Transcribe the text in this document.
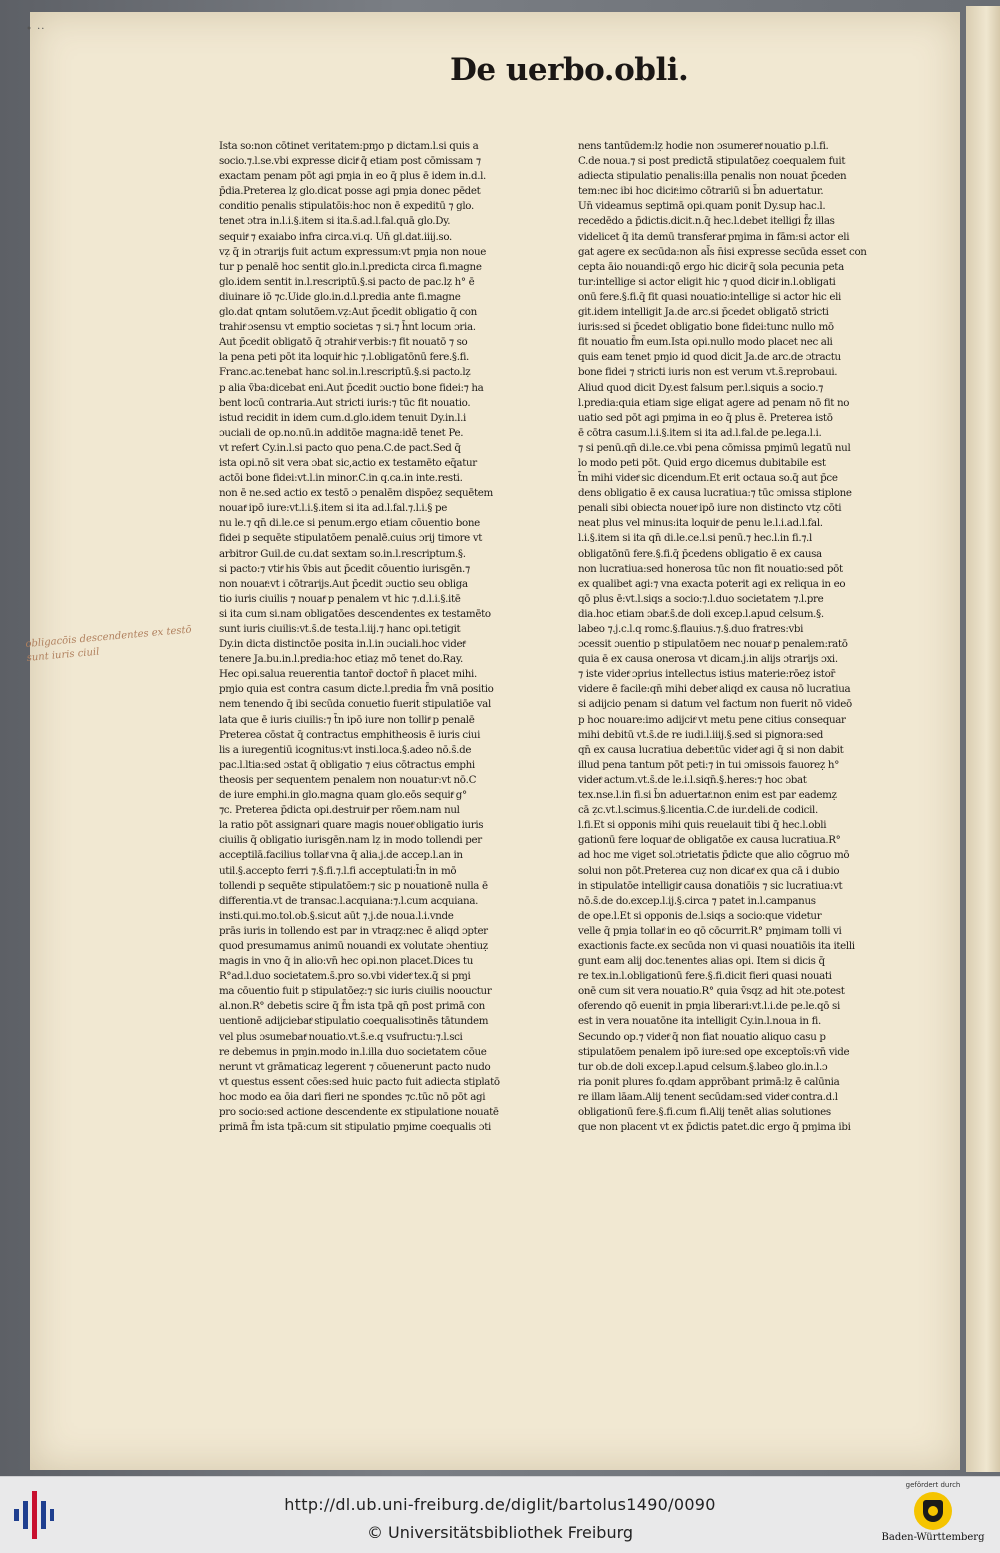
• ··
De uerbo.obli.
Ista so:non cōtinet veritatem:pɱo p dictam.l.si quis a
socio.⁊.l.se.vbi expresse dicitͤ q̄ etiam post cōmissam ⁊
exactam penam pōt agi pɱia in eo q̄ plus ē idem in.d.l.
p̄dia.Preterea lẓ glo.dicat posse agi pɱia donec pēdet
conditio penalis stipulatōis:hoc non ē expeditū ⁊ glo.
tenet ɔtra in.l.i.§.item si ita.s̄.ad.l.fal.quā glo.Dy.
sequitͤ ⁊ exaiabo infra circa.vi.q. Un̄ gl.dat.iiij.so.
vẓ q̄ in ɔtrarijs fuit actum expressum:vt pɱia non noue
tur p penalē hoc sentit glo.in.l.predicta circa fi.magne
glo.idem sentit in.l.rescriptū.§.si pacto de pac.lẓ h° ē
diuinare iō ⁊c.Uide glo.in.d.l.predia ante fi.magne
glo.dat qntam solutōem.vẓ:Aut p̄cedit obligatio q̄ con
trahitͤ ɔsensu vt emptio societas ⁊ si.⁊ h̄nt locum ɔria.
Aut p̄cedit obligatō q̄ ɔtrahitͤ verbis:⁊ fit nouatō ⁊ so
la pena peti pōt ita loquitͤ hic ⁊.l.obligatōnū fere.§.fi.
Franc.ac.tenebat hanc sol.in.l.rescriptū.§.si pacto.lẓ
p alia v̄ba:dicebat eni.Aut p̄cedit ɔuctio bone fidei:⁊ ha
bent locū contraria.Aut stricti iuris:⁊ tūc fit nouatio.
istud recidit in idem cum.d.glo.idem tenuit Dy.in.l.i
ɔuciali de op.no.nū.in additōe magna:idē tenet Pe.
vt refert Cy.in.l.si pacto quo pena.C.de pact.Sed q̄
ista opi.nō sit vera ɔbat sic,actio ex testamēto eq̄atur
actōi bone fidei:vt.l.in minor.C.in q.ca.in inte.resti.
non ē ne.sed actio ex testō ɔ penalēm dispōeẓ sequētem
nouatͤ ipō iure:vt.l.i.§.item si ita ad.l.fal.⁊.l.i.§ pe
nu le.⁊ qn̄ di.le.ce si penum.ergo etiam cōuentio bone
fidei p sequēte stipulatōem penalē.cuius ɔrij timore vt
arbitror Guil.de cu.dat sextam so.in.l.rescriptum.§.
si pacto:⁊ vtitͤ his v̄bis aut p̄cedit cōuentio iurisgēn.⁊
non nouatͤ:vt i cōtrarijs.Aut p̄cedit ɔuctio seu obliga
tio iuris ciuilis ⁊ nouatͤ p penalem vt hic ⁊.d.l.i.§.itē
si ita cum si.nam obligatōes descendentes ex testamēto
sunt iuris ciuilis:vt.s̄.de testa.l.iij.⁊ hanc opi.tetigit
Dy.in dicta distinctōe posita in.l.in ɔuciali.hoc videtͤ
tenere Ja.bu.in.l.predia:hoc etiaẓ mō tenet do.Ray.
Hec opi.salua reuerentia tantor̄ doctor̄ n̄ placet mihi.
pɱio quia est contra casum dicte.l.predia f̄m vnā positio
nem tenendo q̄ ibi secūda conuetio fuerit stipulatiōe val
lata que ē iuris ciuilis:⁊ t̄n ipō iure non tollitͤ p penalē
Preterea cōstat q̄ contractus emphitheosis ē iuris ciui
lis a iuregentiū icognitus:vt insti.loca.§.adeo nō.s̄.de
pac.l.ltia:sed ɔstat q̄ obligatio ⁊ eius cōtractus emphi
theosis per sequentem penalem non nouatur:vt nō.C
de iure emphi.in glo.magna quam glo.eōs sequitͤ g°
⁊c. Preterea p̄dicta opi.destruitͤ per rōem.nam nul
la ratio pōt assignari quare magis nouetͤ obligatio iuris
ciuilis q̄ obligatio iurisgēn.nam lẓ in modo tollendi per
acceptilā.facilius tollatͤ vna q̄ alia.j.de accep.l.an in
util.§.accepto ferri ⁊.§.fi.⁊.l.fi acceptulati:t̄n in mō
tollendi p sequēte stipulatōem:⁊ sic p nouationē nulla ē
differentia.vt de transac.l.acquiana:⁊.l.cum acquiana.
insti.qui.mo.tol.ob.§.sicut aūt ⁊.j.de noua.l.i.vnde
prās iuris in tollendo est par in vtraqẓ:nec ē aliqd ɔpter
quod presumamus animū nouandi ex volutate ɔhentiuẓ
magis in vno q̄ in alio:vn̄ hec opi.non placet.Dices tu
R°ad.l.duo societatem.s̄.pro so.vbi videtͤ tex.q̄ si pɱi
ma cōuentio fuit p stipulatōeẓ:⁊ sic iuris ciuilis noouctur
al.non.R° debetis scire q̄ f̄m ista tpā qn̄ post primā con
uentionē adijciebatͤ stipulatio coequalisɔtinēs tātundem
vel plus ɔsumebatͤ nouatio.vt.s̄.e.q vsufructu:⁊.l.sci
re debemus in pɱin.modo in.l.illa duo societatem cōue
nerunt vt grāmaticaẓ legerent ⁊ cōuenerunt pacto nudo
vt questus essent cōes:sed huic pacto fuit adiecta stiplatō
hoc modo ea ōia dari fieri ne spondes ⁊c.tūc nō pōt agi
pro socio:sed actione descendente ex stipulatione nouatē
primā f̄m ista tpā:cum sit stipulatio pɱime coequalis ɔti
nens tantūdem:lẓ hodie non ɔsumeretͤ nouatio p.l.fi.
C.de noua.⁊ si post predictā stipulatōeẓ coequalem fuit
adiecta stipulatio penalis:illa penalis non nouat p̄ceden
tem:nec ibi hoc dicitͤ:imo cōtrariū si b̄n aduertatur.
Un̄ videamus septimā opi.quam ponit Dy.sup hac.l.
recedēdo a p̄dictis.dicit.n.q̄ hec.l.debet itelligi f̄ẓ illas
videlicet q̄ ita demū transferatͤ pɱima in fām:si actor eli
gat agere ex secūda:non al̄s n̄isi expresse secūda esset con
cepta āio nouandi:qō ergo hic dicitͤ q̄ sola pecunia peta
tur:intellige si actor eligit hic ⁊ quod dicitͤ in.l.obligati
onū fere.§.fi.q̄ fit quasi nouatio:intellige si actor hic eli
git.idem intelligit Ja.de arc.si p̄cedet obligatō stricti
iuris:sed si p̄cedet obligatio bone fidei:tunc nullo mō
fit nouatio f̄m eum.Ista opi.nullo modo placet nec ali
quis eam tenet pɱio id quod dicit Ja.de arc.de ɔtractu
bone fidei ⁊ stricti iuris non est verum vt.s̄.reprobaui.
Aliud quod dicit Dy.est falsum per.l.siquis a socio.⁊
l.predia:quia etiam sige eligat agere ad penam nō fit no
uatio sed pōt agi pɱima in eo q̄ plus ē. Preterea istō
ē cōtra casum.l.i.§.item si ita ad.l.fal.de pe.lega.l.i.
⁊ si penū.qn̄ di.le.ce.vbi pena cōmissa pɱimū legatū nul
lo modo peti pōt. Quid ergo dicemus dubitabile est
t̄n mihi videtͤ sic dicendum.Et erit octaua so.q̄ aut p̄ce
dens obligatio ē ex causa lucratiua:⁊ tūc ɔmissa stiplone
penali sibi obiecta nouetͤ ipō iure non distincto vtẓ cōti
neat plus vel minus:ita loquitͤ de penu le.l.i.ad.l.fal.
l.i.§.item si ita qn̄ di.le.ce.l.si penū.⁊ hec.l.in fi.⁊.l
obligatōnū fere.§.fi.q̄ p̄cedens obligatio ē ex causa
non lucratiua:sed honerosa tūc non fit nouatio:sed pōt
ex qualibet agi:⁊ vna exacta poterit agi ex reliqua in eo
qō plus ē:vt.l.siqs a socio:⁊.l.duo societatem ⁊.l.pre
dia.hoc etiam ɔbatͤ.s̄.de doli excep.l.apud celsum.§.
labeo ⁊.j.c.l.q romc.§.flauius.⁊.§.duo fratres:vbi
ɔcessit ɔuentio p stipulatōem nec nouatͤ p penalem:ratō
quia ē ex causa onerosa vt dicam.j.in alijs ɔtrarijs ɔxi.
⁊ iste videtͤ ɔprius intellectus istius materie:rōeẓ istor̄
videre ē facile:qn̄ mihi debetͤ aliqd ex causa nō lucratiua
si adijcio penam si datum vel factum non fuerit nō videō
p hoc nouare:imo adijcitͤ vt metu pene citius consequar
mihi debitū vt.s̄.de re iudi.l.iiij.§.sed si pignora:sed
qn̄ ex causa lucratiua debetͤ:tūc videtͤ agi q̄ si non dabit
illud pena tantum pōt peti:⁊ in tui ɔmissois fauoreẓ h°
videtͤ actum.vt.s̄.de le.i.l.siqn̄.§.heres:⁊ hoc ɔbat
tex.nse.l.in fi.si b̄n aduertatͤ.non enim est par eademẓ
cā ẓc.vt.l.scimus.§.licentia.C.de iur.deli.de codicil.
l.fi.Et si opponis mihi quis reuelauit tibi q̄ hec.l.obli
gationū fere loquatͤ de obligatōe ex causa lucratiua.R°
ad hoc me viget sol.ɔtrietatis p̄dicte que alio cōgruo mō
solui non pōt.Preterea cuẓ non dicatͤ ex qua cā i dubio
in stipulatōe intelligitͤ causa donatiōis ⁊ sic lucratiua:vt
nō.s̄.de do.excep.l.ij.§.circa ⁊ patet in.l.campanus
de ope.l.Et si opponis de.l.siqs a socio:que videtur
velle q̄ pɱia tollatͤ in eo qō cōcurrit.R° pɱimam tolli vi
exactionis facte.ex secūda non vi quasi nouatiōis ita itelli
gunt eam alij doc.tenentes alias opi. Item si dicis q̄
re tex.in.l.obligationū fere.§.fi.dicit fieri quasi nouati
onē cum sit vera nouatio.R° quia v̄sqẓ ad hit ɔte.potest
oferendo qō euenit in pɱia liberari:vt.l.i.de pe.le.qō si
est in vera nouatōne ita intelligit Cy.in.l.noua in fi.
Secundo op.⁊ videtͤ q̄ non fiat nouatio aliquo casu p
stipulatōem penalem ipō iure:sed ope exceptoīs:vn̄ vide
tur ob.de doli excep.l.apud celsum.§.labeo glo.in.l.ɔ
ria ponit plures fo.qdam apprōbant primā:lẓ ē calūnia
re illam lāam.Alij tenent secūdam:sed videtͤ contra.d.l
obligationū fere.§.fi.cum fi.Alij tenēt alias solutiones
que non placent vt ex p̄dictis patet.dic ergo q̄ pɱima ibi
obligacōis descendentes ex testō
sunt iuris ciuil
http://dl.ub.uni-freiburg.de/diglit/bartolus1490/0090
© Universitätsbibliothek Freiburg
gefördert durch
Baden-Württemberg
